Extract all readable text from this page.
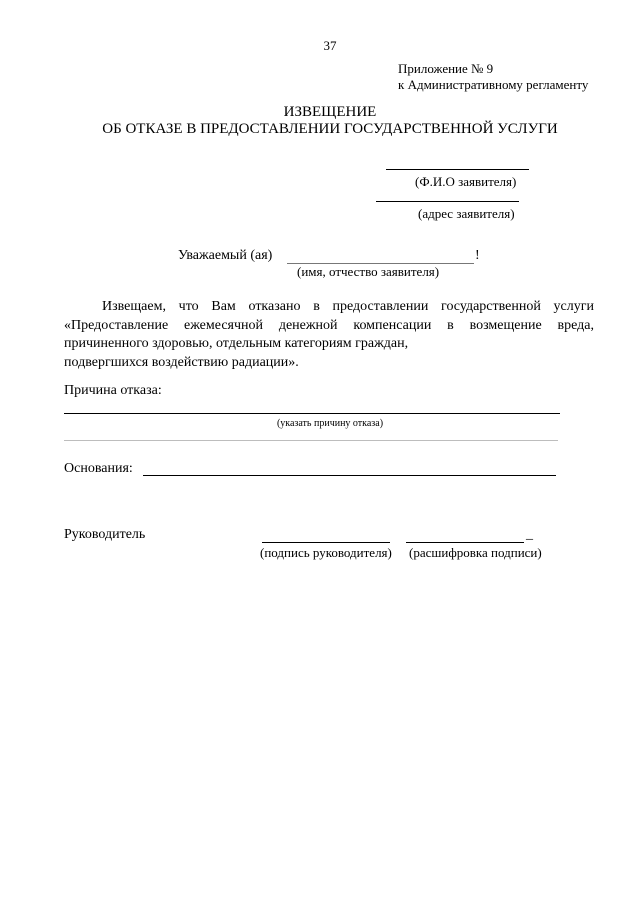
37
Приложение № 9
к Административному регламенту
ИЗВЕЩЕНИЕ
ОБ ОТКАЗЕ В ПРЕДОСТАВЛЕНИИ ГОСУДАРСТВЕННОЙ УСЛУГИ
(Ф.И.О заявителя)
(адрес заявителя)
Уважаемый (ая)	!
(имя, отчество заявителя)

Извещаем, что Вам отказано в предоставлении государственной услуги

«Предоставление ежемесячной денежной компенсации в возмещение вреда,

причиненного здоровью, отдельным категориям граждан,

подвергшихся воздействию радиации».

Причина отказа:
(указать причину отказа)
Основания:
Руководитель	_
(подпись руководителя) (расшифровка подписи)
